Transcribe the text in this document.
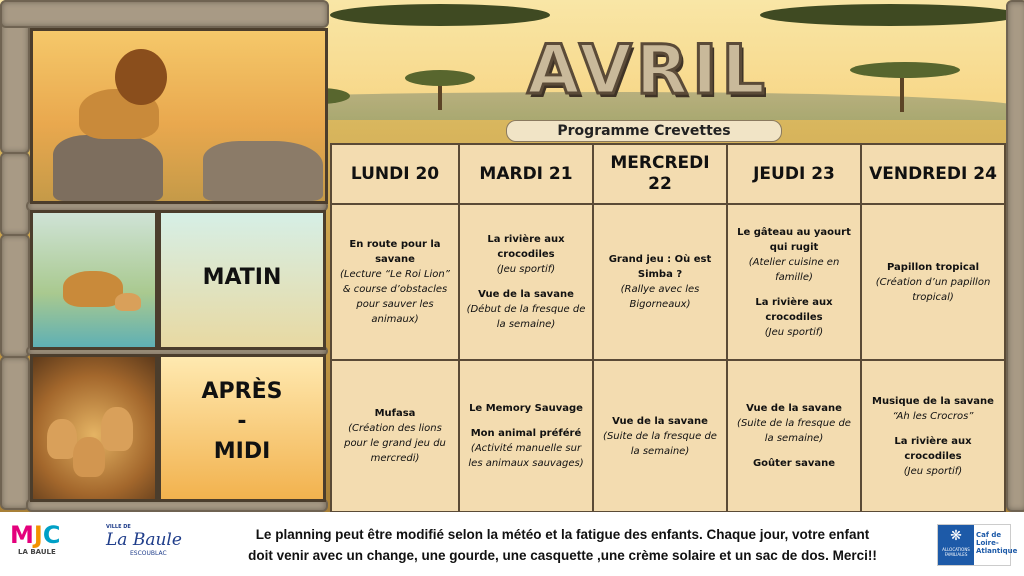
MATIN
APRÈS
-
MIDI
AVRIL
Programme Crevettes
LUNDI 20	MARDI 21	MERCREDI 22	JEUDI 23	VENDREDI 24

En route pour la savane
(Lecture “Le Roi Lion” & course d’obstacles pour sauver les animaux)	La rivière aux crocodiles
(Jeu sportif)
Vue de la savane
(Début de la fresque de la semaine)	Grand jeu : Où est Simba ?
(Rallye avec les Bigorneaux)	Le gâteau au yaourt qui rugit
(Atelier cuisine en famille)
La rivière aux crocodiles
(Jeu sportif)	Papillon tropical
(Création d’un papillon tropical)

Mufasa
(Création des lions pour le grand jeu du mercredi)	Le Memory Sauvage
Mon animal préféré
(Activité manuelle sur les animaux sauvages)	Vue de la savane
(Suite de la fresque de la semaine)	Vue de la savane
(Suite de la fresque de la semaine)
Goûter savane	Musique de la savane
“Ah les Crocros”
La rivière aux crocodiles
(Jeu sportif)
MJC
LA BAULE
VILLE DE
La Baule
ESCOUBLAC
Le planning peut être modifié selon la météo et la fatigue des enfants. Chaque jour, votre enfant
doit venir avec un change, une gourde, une casquette ,une crème solaire et un sac de dos. Merci!!
❋
ALLOCATIONS FAMILIALES
Caf de Loire-Atlantique
